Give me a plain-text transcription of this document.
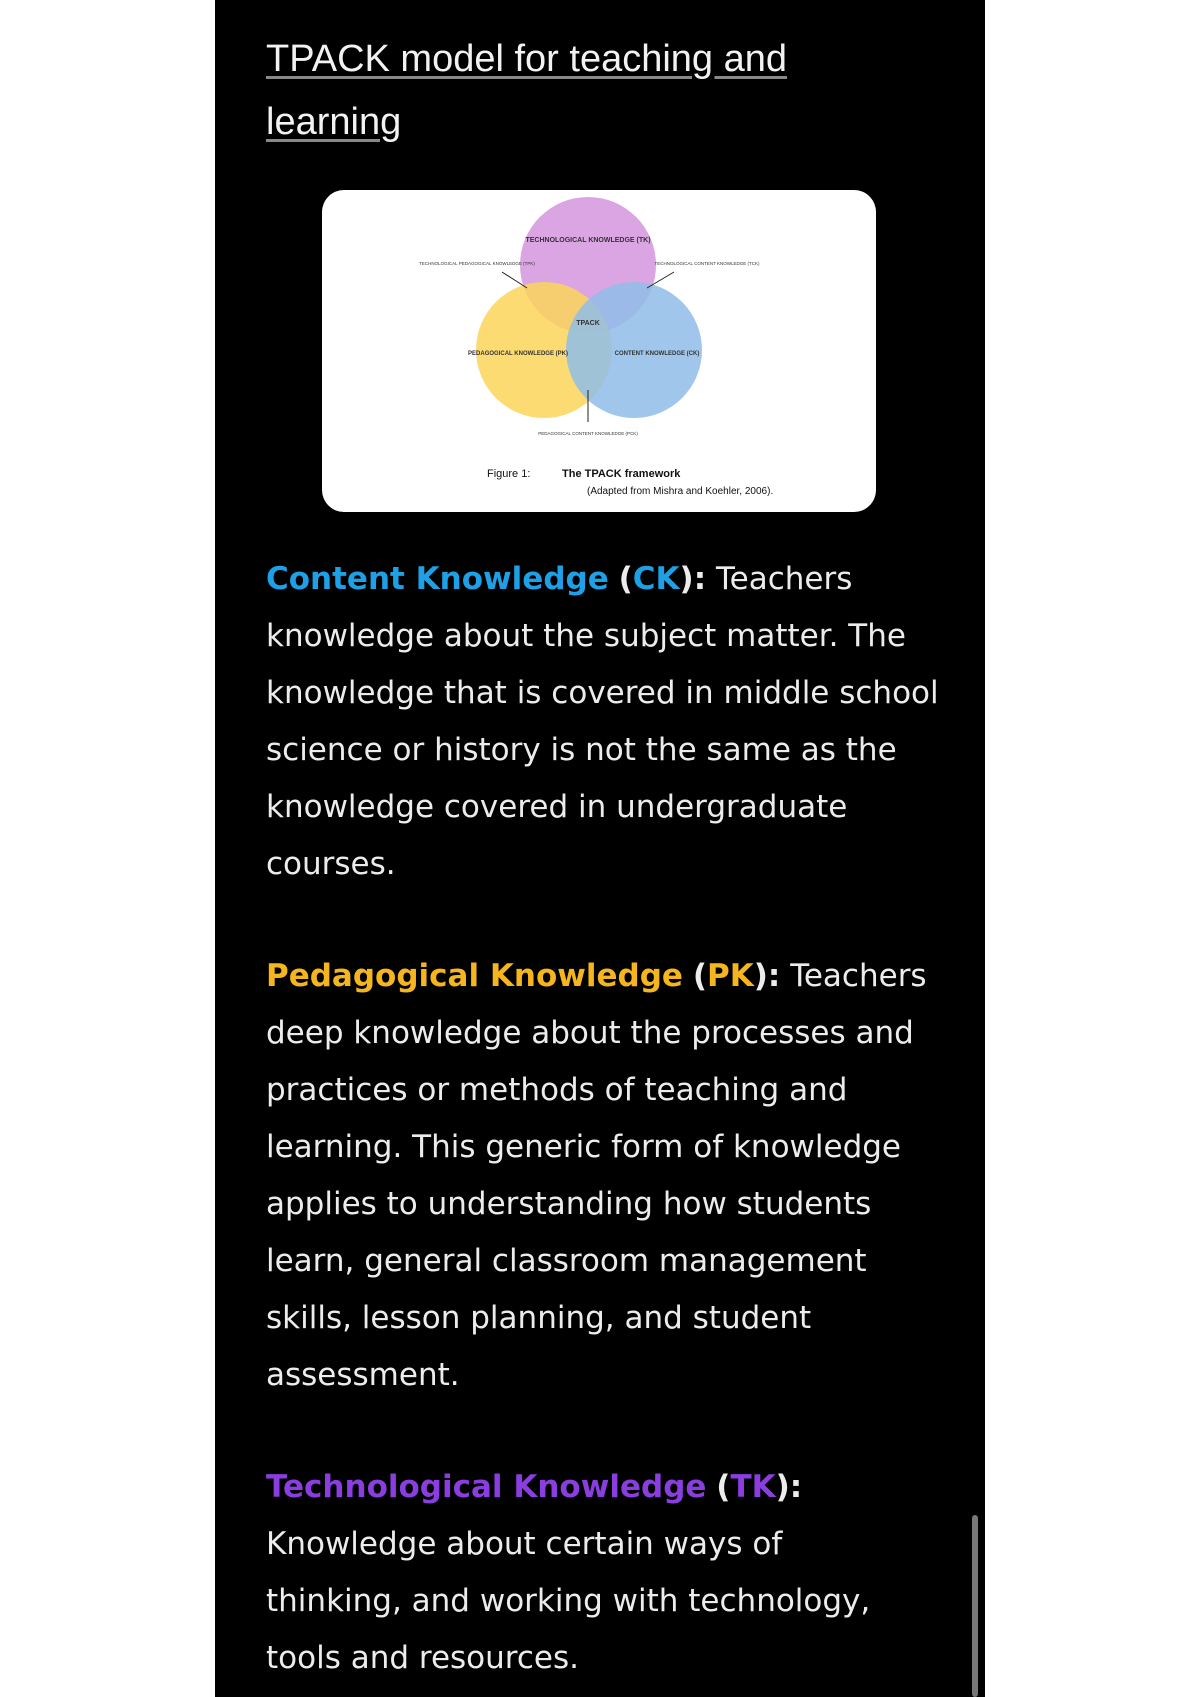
TPACK model for teaching and learning
TECHNOLOGICAL KNOWLEDGE (TK)
PEDAGOGICAL KNOWLEDGE (PK)	CONTENT KNOWLEDGE (CK)
TPACK
TECHNOLOGICAL PEDAGOGICAL KNOWLEDGE (TPK)	TECHNOLOGICAL CONTENT KNOWLEDGE (TCK)
PEDAGOGICAL CONTENT KNOWLEDGE (PCK)
Figure 1:	The TPACK framework
(Adapted from Mishra and Koehler, 2006).
Content Knowledge (CK): Teachers knowledge about the subject matter. The knowledge that is covered in middle school science or history is not the same as the knowledge covered in undergraduate courses.
Pedagogical Knowledge (PK): Teachers deep knowledge about the processes and practices or methods of teaching and learning. This generic form of knowledge applies to understanding how students learn, general classroom management skills, lesson planning, and student assessment.
Technological Knowledge (TK): Knowledge about certain ways of thinking, and working with technology, tools and resources.
